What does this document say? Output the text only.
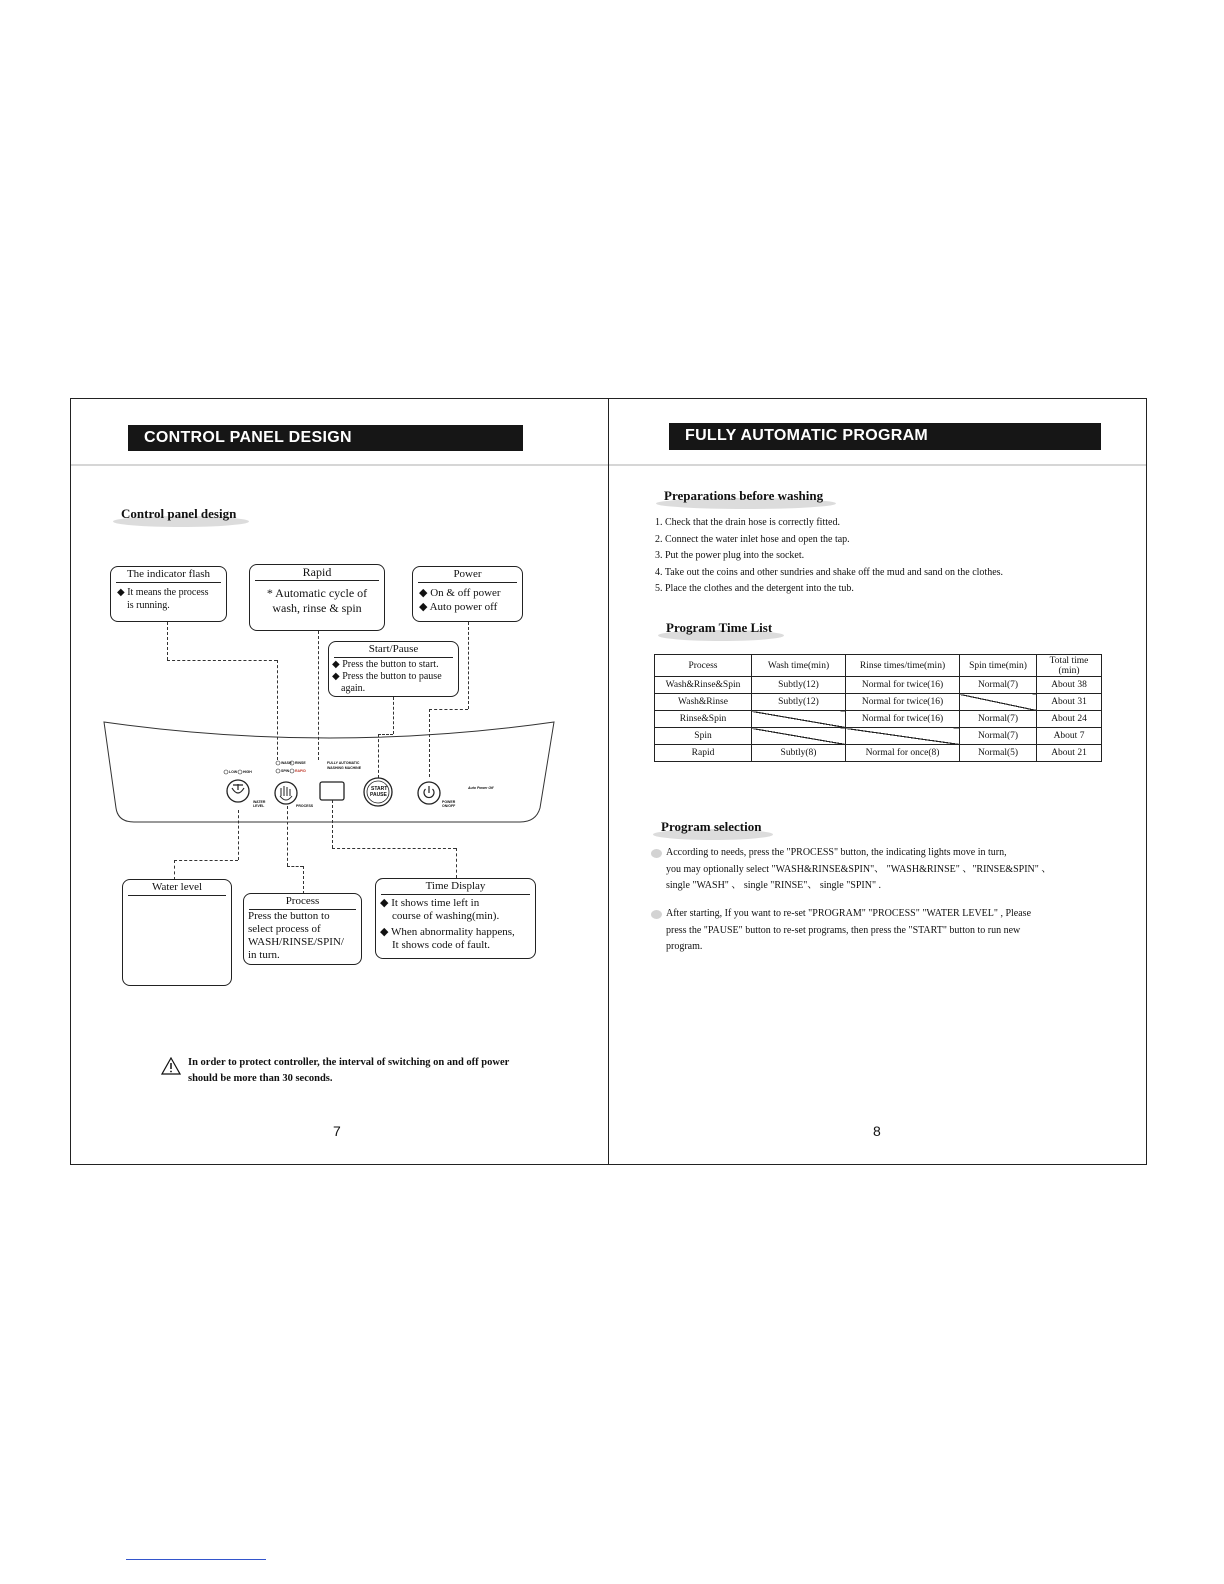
CONTROL PANEL DESIGN
Control panel design
The indicator flash
◆ It means the process
is running.
Rapid
* Automatic cycle of
wash, rinse & spin
Power
◆ On & off power
◆ Auto power off
Start/Pause
◆ Press the button to start.
◆ Press the button to pause
again.
LOW HIGH
WASH RINSE
SPIN RAPID
FULLY AUTOMATIC
WASHING MACHINE
WATER
LEVEL	PROCESS
START
PAUSE
POWER
ON/OFF
Auto Power Off
Water level
Process
Press the button to
select process of
WASH/RINSE/SPIN/
in turn.
Time Display
◆ It shows time left in
course of washing(min).
◆ When abnormality happens,
It shows code of fault.
In order to protect controller, the interval of switching on and off power
should be more than 30 seconds.
7
FULLY AUTOMATIC PROGRAM
Preparations before washing
1. Check that the drain hose is correctly fitted.
2. Connect the water inlet hose and open the tap.
3. Put the power plug into the socket.
4. Take out the coins and other sundries and shake off the mud and sand on the clothes.
5. Place the clothes and the detergent into the tub.
Program Time List
Process	Wash time(min)	Rinse times/time(min)	Spin time(min)	Total time
(min)

Wash&Rinse&Spin	Subtly(12)	Normal for twice(16)	Normal(7)	About 38
Wash&Rinse	Subtly(12)	Normal for twice(16)		About 31
Rinse&Spin		Normal for twice(16)	Normal(7)	About 24
Spin			Normal(7)	About 7
Rapid	Subtly(8)	Normal for once(8)	Normal(5)	About 21
Program selection
According to needs, press the "PROCESS" button, the indicating lights move in turn,
you may optionally select "WASH&RINSE&SPIN"、 "WASH&RINSE" 、"RINSE&SPIN" 、
single "WASH" 、 single "RINSE"、 single "SPIN" .
After starting, If you want to re-set "PROGRAM" "PROCESS" "WATER LEVEL" , Please
press the "PAUSE" button to re-set programs, then press the "START" button to run new
program.
8
